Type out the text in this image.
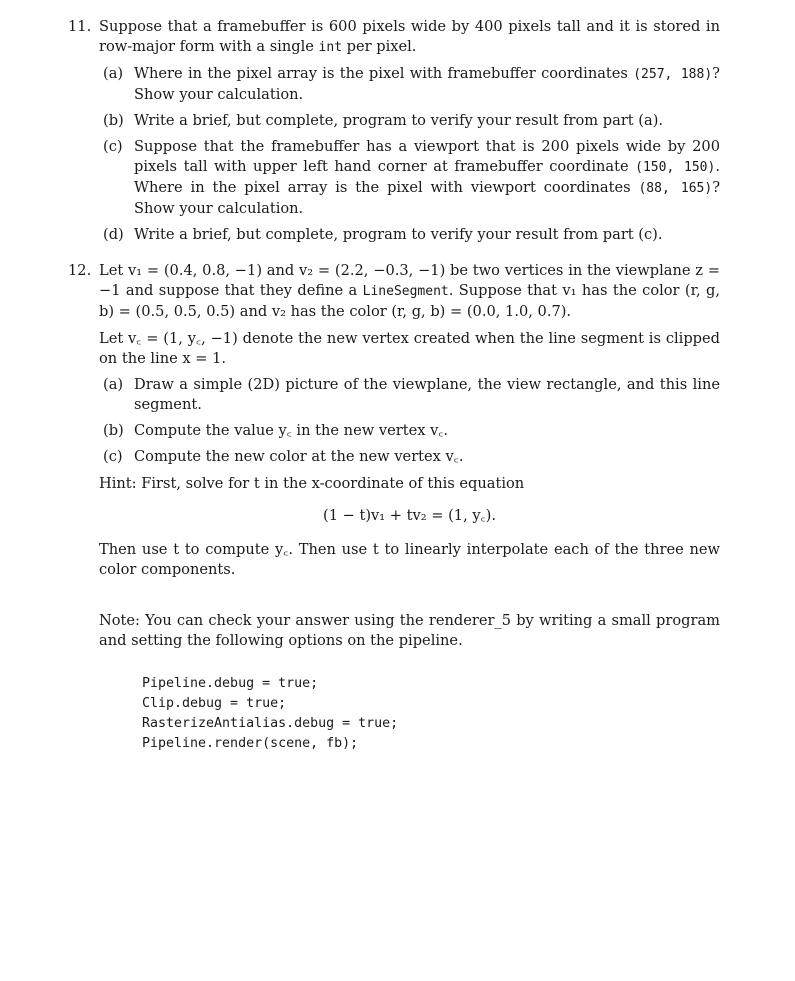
11. Suppose that a framebuffer is 600 pixels wide by 400 pixels tall and it is stored in row-major form with a single int per pixel.

(a) Where in the pixel array is the pixel with framebuffer coordinates (257, 188)? Show your calculation.
(b) Write a brief, but complete, program to verify your result from part (a).
(c) Suppose that the framebuffer has a viewport that is 200 pixels wide by 200 pixels tall with upper left hand corner at framebuffer coordinate (150, 150). Where in the pixel array is the pixel with viewport coordinates (88, 165)? Show your calculation.
(d) Write a brief, but complete, program to verify your result from part (c).
12. Let v₁ = (0.4, 0.8, −1) and v₂ = (2.2, −0.3, −1) be two vertices in the viewplane z = −1 and suppose that they define a LineSegment. Suppose that v₁ has the color (r, g, b) = (0.5, 0.5, 0.5) and v₂ has the color (r, g, b) = (0.0, 1.0, 0.7).

Let v꜀ = (1, y꜀, −1) denote the new vertex created when the line segment is clipped on the line x = 1.

(a) Draw a simple (2D) picture of the viewplane, the view rectangle, and this line segment.
(b) Compute the value y꜀ in the new vertex v꜀.
(c) Compute the new color at the new vertex v꜀.

Hint: First, solve for t in the x-coordinate of this equation

(1 − t)v₁ + tv₂ = (1, y꜀).

Then use t to compute y꜀. Then use t to linearly interpolate each of the three new color components.

Note: You can check your answer using the renderer_5 by writing a small program and setting the following options on the pipeline.

Pipeline.debug = true;
Clip.debug = true;
RasterizeAntialias.debug = true;
Pipeline.render(scene, fb);
